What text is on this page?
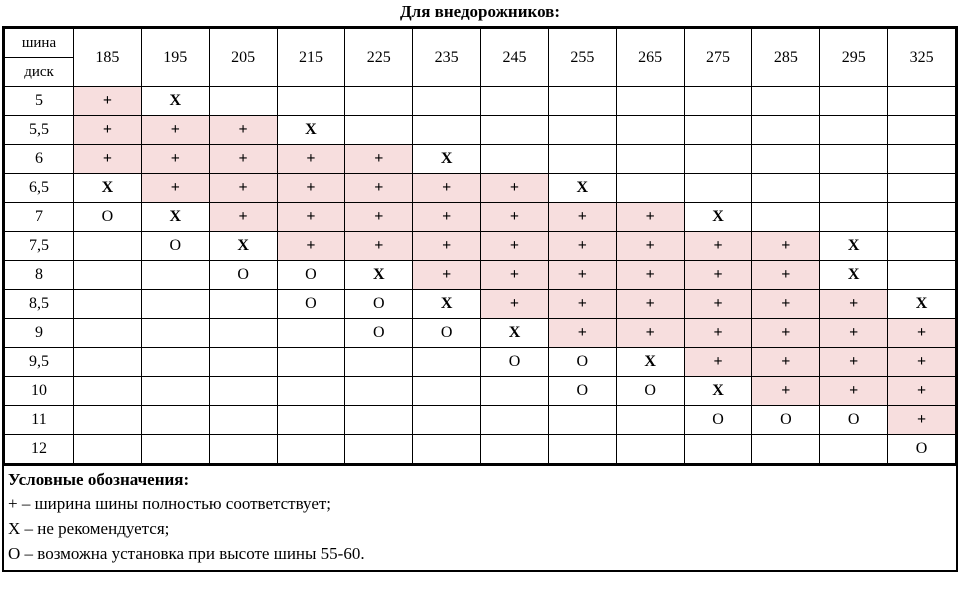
Для внедорожников:
шина
диск	185	195	205	215	225	235	245	255	265	275	285	295	325
5	+	X											
5,5	+	+	+	X									
6	+	+	+	+	+	X							
6,5	X	+	+	+	+	+	+	X					
7	O	X	+	+	+	+	+	+	+	X			
7,5		O	X	+	+	+	+	+	+	+	+	X	
8			O	O	X	+	+	+	+	+	+	X	
8,5				O	O	X	+	+	+	+	+	+	X
9					O	O	X	+	+	+	+	+	+
9,5							O	O	X	+	+	+	+
10								O	O	X	+	+	+
11										O	O	O	+
12													O
Условные обозначения:
+ – ширина шины полностью соответствует;
X – не рекомендуется;
O – возможна установка при высоте шины 55-60.
